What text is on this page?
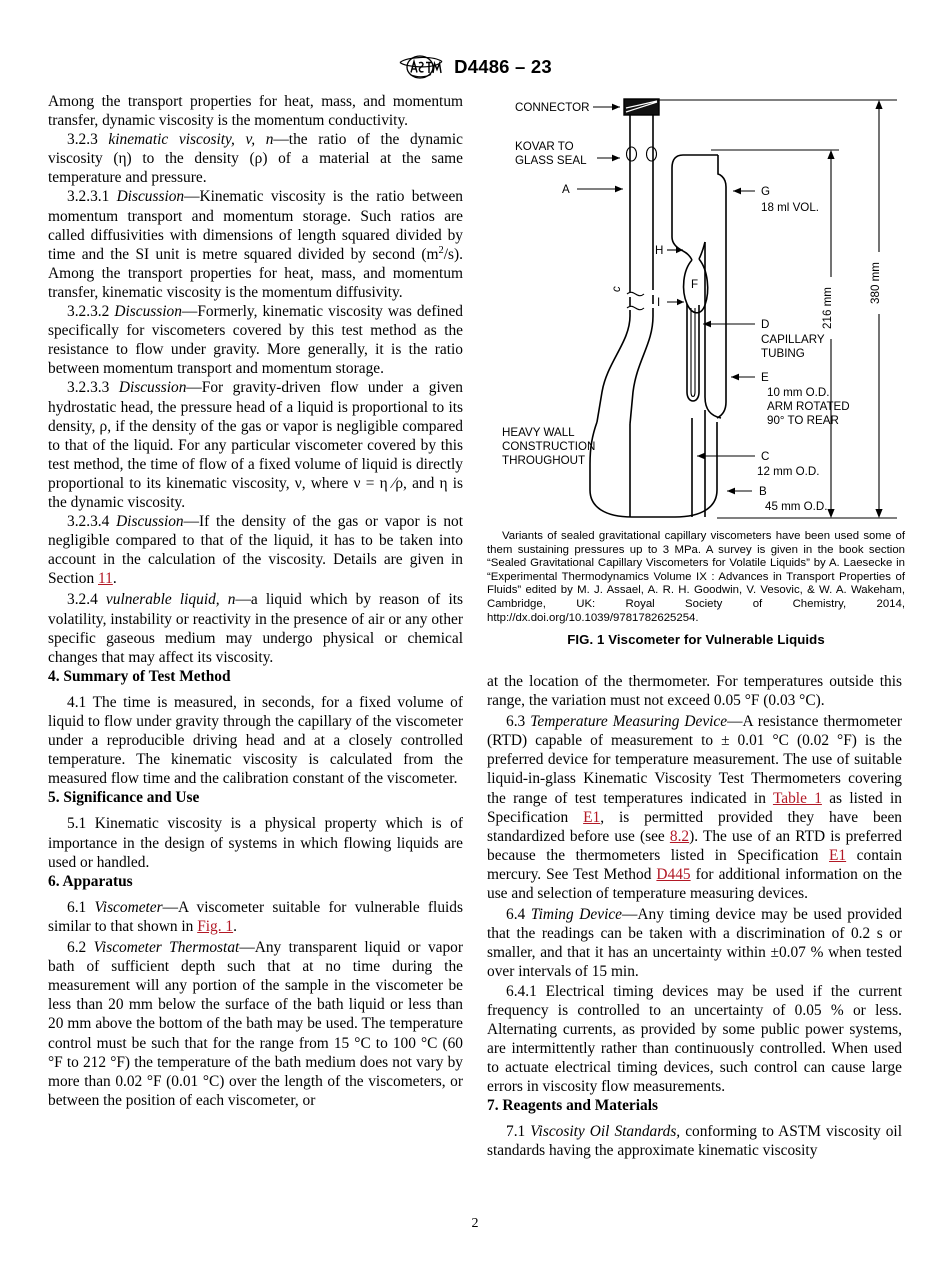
D4486 – 23

Among the transport properties for heat, mass, and momentum transfer, dynamic viscosity is the momentum conductivity.

3.2.3 kinematic viscosity, v, n—the ratio of the dynamic viscosity (η) to the density (ρ) of a material at the same temperature and pressure.

3.2.3.1 Discussion—Kinematic viscosity is the ratio between momentum transport and momentum storage. Such ratios are called diffusivities with dimensions of length squared divided by time and the SI unit is metre squared divided by second $(m^2/s)$. Among the transport properties for heat, mass, and momentum transfer, kinematic viscosity is the momentum diffusivity.

3.2.3.2 Discussion—Formerly, kinematic viscosity was defined specifically for viscometers covered by this test method as the resistance to flow under gravity. More generally, it is the ratio between momentum transport and momentum storage.

3.2.3.3 Discussion—For gravity-driven flow under a given hydrostatic head, the pressure head of a liquid is proportional to its density, ρ, if the density of the gas or vapor is negligible compared to that of the liquid. For any particular viscometer covered by this test method, the time of flow of a fixed volume of liquid is directly proportional to its kinematic viscosity, ν, where ν = η ⁄ρ, and η is the dynamic viscosity.

3.2.3.4 Discussion—If the density of the gas or vapor is not negligible compared to that of the liquid, it has to be taken into account in the calculation of the viscosity. Details are given in Section 11.

3.2.4 vulnerable liquid, n—a liquid which by reason of its volatility, instability or reactivity in the presence of air or any other specific gaseous medium may undergo physical or chemical changes that may affect its viscosity.

4. Summary of Test Method

4.1 The time is measured, in seconds, for a fixed volume of liquid to flow under gravity through the capillary of the viscometer under a reproducible driving head and at a closely controlled temperature. The kinematic viscosity is calculated from the measured flow time and the calibration constant of the viscometer.

5. Significance and Use

5.1 Kinematic viscosity is a physical property which is of importance in the design of systems in which flowing liquids are used or handled.

6. Apparatus

6.1 Viscometer—A viscometer suitable for vulnerable fluids similar to that shown in Fig. 1.

6.2 Viscometer Thermostat—Any transparent liquid or vapor bath of sufficient depth such that at no time during the measurement will any portion of the sample in the viscometer be less than 20 mm below the surface of the bath liquid or less than 20 mm above the bottom of the bath may be used. The temperature control must be such that for the range from 15 °C to 100 °C (60 °F to 212 °F) the temperature of the bath medium does not vary by more than 0.02 °F (0.01 °C) over the length of the viscometers, or between the position of each viscometer, or

c	F
CONNECTOR
KOVAR TO
GLASS SEAL
A	G
18 ml VOL.
H
I
D
CAPILLARY
TUBING
E
10 mm O.D.
ARM ROTATED
90° TO REAR
HEAVY WALL
CONSTRUCTION
THROUGHOUT	C
12 mm O.D.
B
45 mm O.D.
216 mm
380 mm
Variants of sealed gravitational capillary viscometers have been used some of them sustaining pressures up to 3 MPa. A survey is given in the book section “Sealed Gravitational Capillary Viscometers for Volatile Liquids” by A. Laesecke in “Experimental Thermodynamics Volume IX : Advances in Transport Properties of Fluids” edited by M. J. Assael, A. R. H. Goodwin, V. Vesovic, & W. A. Wakeham, Cambridge, UK: Royal Society of Chemistry, 2014, http://dx.doi.org/10.1039/9781782625254.
FIG. 1 Viscometer for Vulnerable Liquids

at the location of the thermometer. For temperatures outside this range, the variation must not exceed 0.05 °F (0.03 °C).

6.3 Temperature Measuring Device—A resistance thermometer (RTD) capable of measurement to ± 0.01 °C (0.02 °F) is the preferred device for temperature measurement. The use of suitable liquid-in-glass Kinematic Viscosity Test Thermometers covering the range of test temperatures indicated in Table 1 as listed in Specification E1, is permitted provided they have been standardized before use (see 8.2). The use of an RTD is preferred because the thermometers listed in Specification E1 contain mercury. See Test Method D445 for additional information on the use and selection of temperature measuring devices.

6.4 Timing Device—Any timing device may be used provided that the readings can be taken with a discrimination of 0.2 s or smaller, and that it has an uncertainty within ±0.07 % when tested over intervals of 15 min.

6.4.1 Electrical timing devices may be used if the current frequency is controlled to an uncertainty of 0.05 % or less. Alternating currents, as provided by some public power systems, are intermittently rather than continuously controlled. When used to actuate electrical timing devices, such control can cause large errors in viscosity flow measurements.

7. Reagents and Materials

7.1 Viscosity Oil Standards, conforming to ASTM viscosity oil standards having the approximate kinematic viscosity

2
